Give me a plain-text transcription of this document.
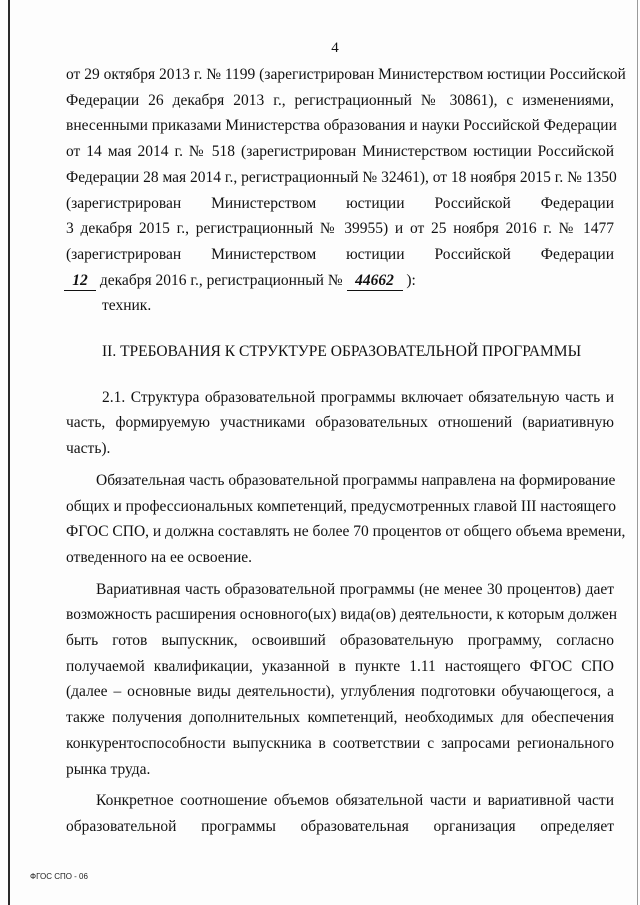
4

от 29 октября 2013 г. № 1199 (зарегистрирован Министерством юстиции Российской

Федерации 26 декабря 2013 г., регистрационный № 30861), с изменениями,

внесенными приказами Министерства образования и науки Российской Федерации

от 14 мая 2014 г. № 518 (зарегистрирован Министерством юстиции Российской

Федерации 28 мая 2014 г., регистрационный № 32461), от 18 ноября 2015 г. № 1350

(зарегистрирован Министерством юстиции Российской Федерации

3 декабря 2015 г., регистрационный № 39955) и от 25 ноября 2016 г. № 1477

(зарегистрирован Министерством юстиции Российской Федерации

12 декабря 2016 г., регистрационный № 44662 ):

техник.

II. ТРЕБОВАНИЯ К СТРУКТУРЕ ОБРАЗОВАТЕЛЬНОЙ ПРОГРАММЫ

2.1. Структура образовательной программы включает обязательную часть и

часть, формируемую участниками образовательных отношений (вариативную

часть).

Обязательная часть образовательной программы направлена на формирование

общих и профессиональных компетенций, предусмотренных главой III настоящего

ФГОС СПО, и должна составлять не более 70 процентов от общего объема времени,

отведенного на ее освоение.

Вариативная часть образовательной программы (не менее 30 процентов) дает

возможность расширения основного(ых) вида(ов) деятельности, к которым должен

быть готов выпускник, освоивший образовательную программу, согласно

получаемой квалификации, указанной в пункте 1.11 настоящего ФГОС СПО

(далее – основные виды деятельности), углубления подготовки обучающегося, а

также получения дополнительных компетенций, необходимых для обеспечения

конкурентоспособности выпускника в соответствии с запросами регионального

рынка труда.

Конкретное соотношение объемов обязательной части и вариативной части

образовательной программы образовательная организация определяет

ФГОС СПО - 06
